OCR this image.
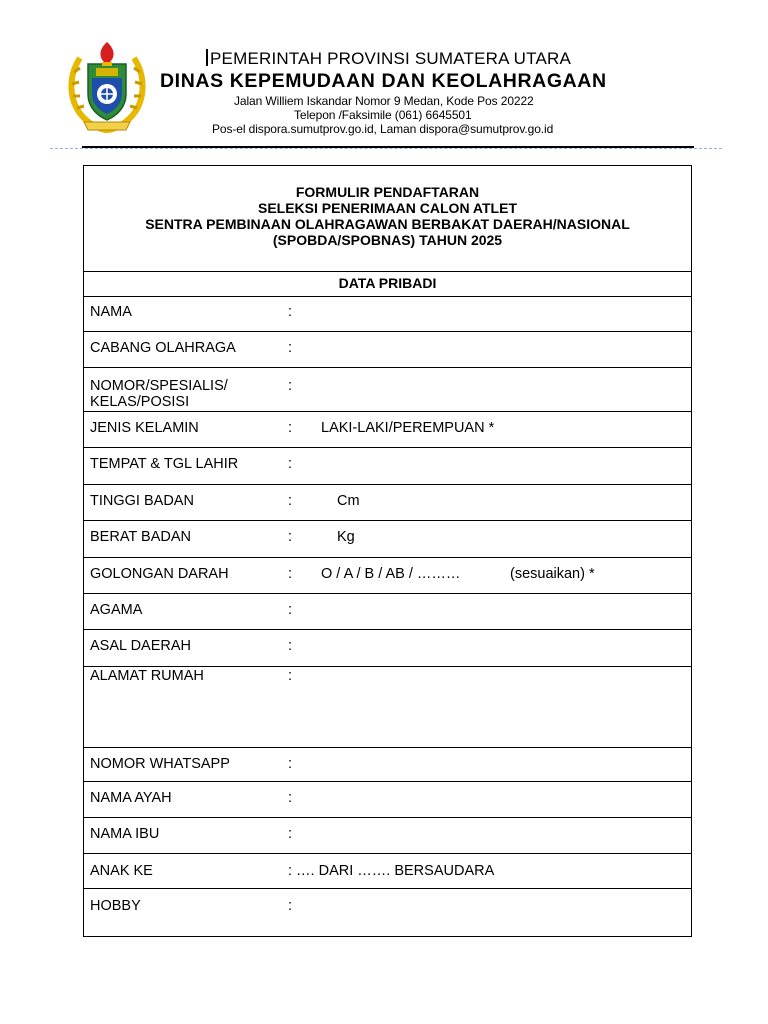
PEMERINTAH PROVINSI SUMATERA UTARA
DINAS KEPEMUDAAN DAN KEOLAHRAGAAN
Jalan Williem Iskandar Nomor 9 Medan, Kode Pos 20222
Telepon /Faksimile (061) 6645501
Pos-el dispora.sumutprov.go.id, Laman dispora@sumutprov.go.id
FORMULIR PENDAFTARAN
SELEKSI PENERIMAAN CALON ATLET
SENTRA PEMBINAAN OLAHRAGAWAN BERBAKAT DAERAH/NASIONAL
(SPOBDA/SPOBNAS) TAHUN 2025
DATA PRIBADI
NAMA	:
CABANG OLAHRAGA	:
NOMOR/SPESIALIS/
KELAS/POSISI
:
JENIS KELAMIN	: LAKI-LAKI/PEREMPUAN *
TEMPAT & TGL LAHIR	:
TINGGI BADAN	:	Cm
BERAT BADAN	:	Kg
GOLONGAN DARAH	: O / A / B / AB / ………	(sesuaikan) *
AGAMA	:
ASAL DAERAH	:
ALAMAT RUMAH	:
NOMOR WHATSAPP	:
NAMA AYAH	:
NAMA IBU	:
ANAK KE	: …. DARI ……. BERSAUDARA
HOBBY	:
